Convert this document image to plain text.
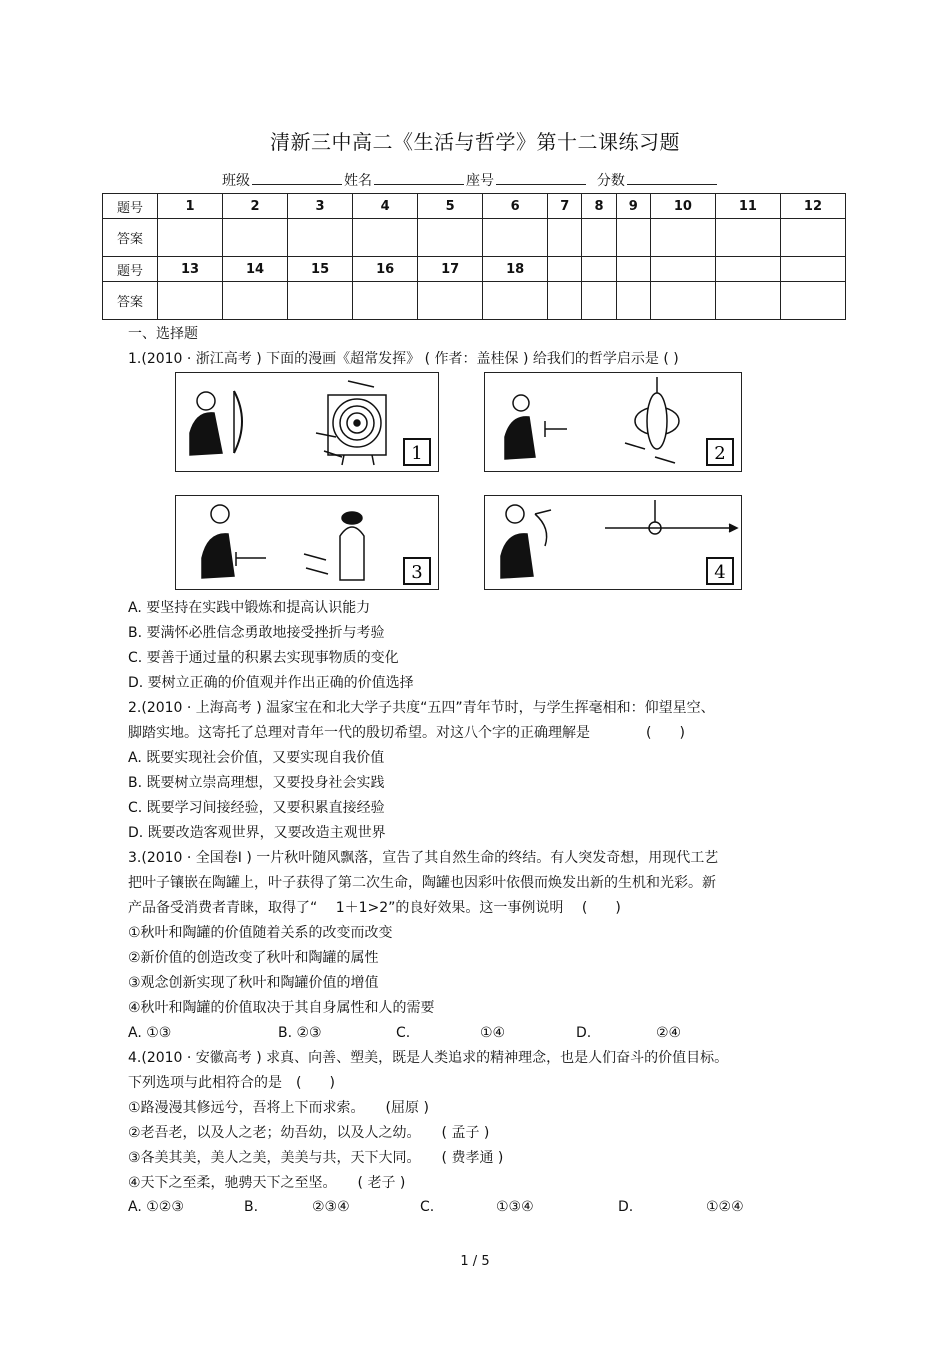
清新三中高二《生活与哲学》第十二课练习题
班级	姓名	座号	分数
题号	1	2	3	4	5	6	7	8	9	10	11	12
答案												
题号	13	14	15	16	17	18						
答案												
一、选择题
1.(2010 · 浙江高考 ) 下面的漫画《超常发挥》 ( 作者：盖桂保 ) 给我们的哲学启示是 ( )
1	2
3	4
A. 要坚持在实践中锻炼和提高认识能力
B. 要满怀必胜信念勇敢地接受挫折与考验
C. 要善于通过量的积累去实现事物质的变化
D. 要树立正确的价值观并作出正确的价值选择
2.(2010 · 上海高考 ) 温家宝在和北大学子共度“五四”青年节时，与学生挥毫相和：仰望星空、
脚踏实地。这寄托了总理对青年一代的殷切希望。对这八个字的正确理解是　　　　(　　)
A. 既要实现社会价值，又要实现自我价值
B. 既要树立崇高理想，又要投身社会实践
C. 既要学习间接经验，又要积累直接经验
D. 既要改造客观世界，又要改造主观世界
3.(2010 · 全国卷Ⅰ ) 一片秋叶随风飘落，宣告了其自然生命的终结。有人突发奇想，用现代工艺
把叶子镶嵌在陶罐上，叶子获得了第二次生命，陶罐也因彩叶依偎而焕发出新的生机和光彩。新
产品备受消费者青睐，取得了“　 1＋1>2”的良好效果。这一事例说明　 (　　)
①秋叶和陶罐的价值随着关系的改变而改变
②新价值的创造改变了秋叶和陶罐的属性
③观念创新实现了秋叶和陶罐价值的增值
④秋叶和陶罐的价值取决于其自身属性和人的需要
A. ①③	B. ②③	C.	①④	D.	②④
4.(2010 · 安徽高考 ) 求真、向善、塑美，既是人类追求的精神理念，也是人们奋斗的价值目标。
下列选项与此相符合的是　(　　)
①路漫漫其修远兮，吾将上下而求索。　　(屈原 )
②老吾老，以及人之老；幼吾幼，以及人之幼。　　( 孟子 )
③各美其美，美人之美，美美与共，天下大同。　　( 费孝通 )
④天下之至柔，驰骋天下之至坚。　　( 老子 )
A. ①②③	B.	②③④	C.	①③④	D.	①②④
1 / 5
